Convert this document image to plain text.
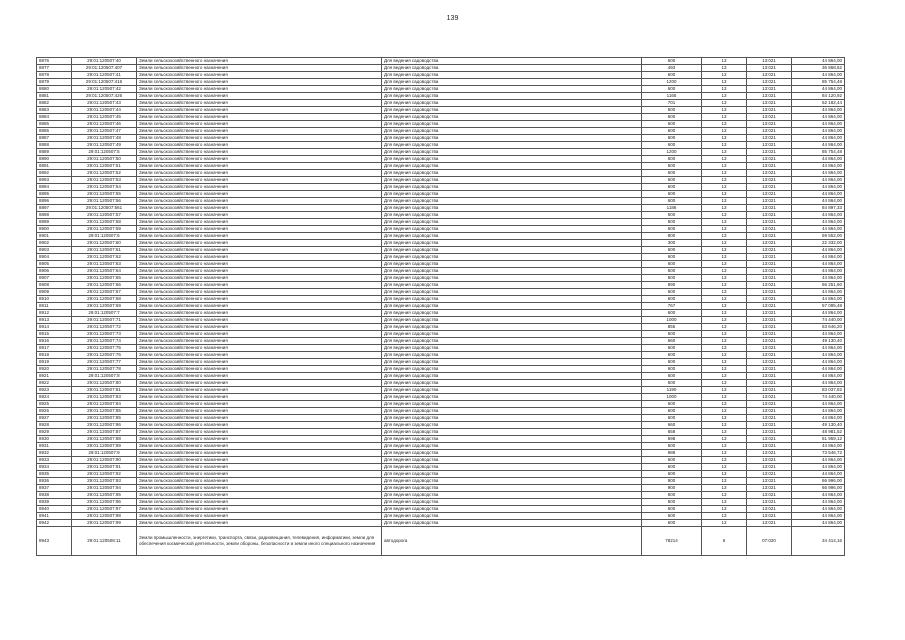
139
8876	29:01:120507:40	Земли сельскохозяйственного назначения	Для ведения садоводства	600	13	13:021	44 864,00
8877	29:01:120507:407	Земли сельскохозяйственного назначения	Для ведения садоводства	493	13	13:021	36 868,62
8878	29:01:120507:41	Земли сельскохозяйственного назначения	Для ведения садоводства	600	13	13:021	44 864,00
8879	29:01:120507:416	Земли сельскохозяйственного назначения	Для ведения садоводства	1200	13	13:021	85 754,48
8880	29:01:120507:42	Земли сельскохозяйственного назначения	Для ведения садоводства	600	13	13:021	44 864,00
8881	29:01:120507:426	Земли сельскохозяйственного назначения	Для ведения садоводства	1165	13	13:021	84 120,92
8882	29:01:120507:43	Земли сельскохозяйственного назначения	Для ведения садоводства	701	13	13:021	52 182,44
8883	29:01:120507:44	Земли сельскохозяйственного назначения	Для ведения садоводства	600	13	13:021	44 864,00
8884	29:01:120507:45	Земли сельскохозяйственного назначения	Для ведения садоводства	600	13	13:021	44 864,00
8885	29:01:120507:46	Земли сельскохозяйственного назначения	Для ведения садоводства	600	13	13:021	44 864,00
8886	29:01:120507:47	Земли сельскохозяйственного назначения	Для ведения садоводства	600	13	13:021	44 864,00
8887	29:01:120507:48	Земли сельскохозяйственного назначения	Для ведения садоводства	600	13	13:021	44 864,00
8888	29:01:120507:49	Земли сельскохозяйственного назначения	Для ведения садоводства	600	13	13:021	44 864,00
8889	29:01:120507:5	Земли сельскохозяйственного назначения	Для ведения садоводства	1200	13	13:021	85 754,48
8890	29:01:120507:50	Земли сельскохозяйственного назначения	Для ведения садоводства	600	13	13:021	44 864,00
8891	29:01:120507:51	Земли сельскохозяйственного назначения	Для ведения садоводства	600	13	13:021	44 864,00
8892	29:01:120507:52	Земли сельскохозяйственного назначения	Для ведения садоводства	600	13	13:021	44 864,00
8893	29:01:120507:53	Земли сельскохозяйственного назначения	Для ведения садоводства	600	13	13:021	44 864,00
8894	29:01:120507:54	Земли сельскохозяйственного назначения	Для ведения садоводства	600	13	13:021	44 864,00
8895	29:01:120507:55	Земли сельскохозяйственного назначения	Для ведения садоводства	600	13	13:021	44 864,00
8896	29:01:120507:56	Земли сельскохозяйственного назначения	Для ведения садоводства	600	13	13:021	44 864,00
8897	29:01:120507:561	Земли сельскохозяйственного назначения	Для ведения садоводства	1186	13	13:021	84 897,33
8898	29:01:120507:57	Земли сельскохозяйственного назначения	Для ведения садоводства	600	13	13:021	44 864,00
8899	29:01:120507:58	Земли сельскохозяйственного назначения	Для ведения садоводства	600	13	13:021	44 864,00
8900	29:01:120507:59	Земли сельскохозяйственного назначения	Для ведения садоводства	600	13	13:021	44 864,00
8901	29:01:120507:6	Земли сельскохозяйственного назначения	Для ведения садоводства	800	13	13:021	59 552,00
8902	29:01:120507:60	Земли сельскохозяйственного назначения	Для ведения садоводства	300	13	13:021	22 332,00
8903	29:01:120507:61	Земли сельскохозяйственного назначения	Для ведения садоводства	600	13	13:021	44 864,00
8904	29:01:120507:62	Земли сельскохозяйственного назначения	Для ведения садоводства	600	13	13:021	44 864,00
8905	29:01:120507:63	Земли сельскохозяйственного назначения	Для ведения садоводства	600	13	13:021	44 864,00
8906	29:01:120507:64	Земли сельскохозяйственного назначения	Для ведения садоводства	600	13	13:021	44 864,00
8907	29:01:120507:65	Земли сельскохозяйственного назначения	Для ведения садоводства	600	13	13:021	44 864,00
8908	29:01:120507:66	Земли сельскохозяйственного назначения	Для ведения садоводства	890	13	13:021	66 251,60
8909	29:01:120507:67	Земли сельскохозяйственного назначения	Для ведения садоводства	600	13	13:021	44 864,00
8910	29:01:120507:68	Земли сельскохозяйственного назначения	Для ведения садоводства	600	13	13:021	44 864,00
8911	29:01:120507:69	Земли сельскохозяйственного назначения	Для ведения садоводства	767	13	13:021	57 095,48
8912	29:01:120507:7	Земли сельскохозяйственного назначения	Для ведения садоводства	600	13	13:021	44 864,00
8913	29:01:120507:71	Земли сельскохозяйственного назначения	Для ведения садоводства	1000	13	13:021	74 440,00
8914	29:01:120507:72	Земли сельскохозяйственного назначения	Для ведения садоводства	855	13	13:021	63 646,20
8915	29:01:120507:73	Земли сельскохозяйственного назначения	Для ведения садоводства	600	13	13:021	44 864,00
8916	29:01:120507:74	Земли сельскохозяйственного назначения	Для ведения садоводства	660	13	13:021	49 130,40
8917	29:01:120507:75	Земли сельскохозяйственного назначения	Для ведения садоводства	600	13	13:021	44 864,00
8918	29:01:120507:76	Земли сельскохозяйственного назначения	Для ведения садоводства	600	13	13:021	44 864,00
8919	29:01:120507:77	Земли сельскохозяйственного назначения	Для ведения садоводства	600	13	13:021	44 864,00
8920	29:01:120507:78	Земли сельскохозяйственного назначения	Для ведения садоводства	600	13	13:021	44 864,00
8921	29:01:120507:8	Земли сельскохозяйственного назначения	Для ведения садоводства	600	13	13:021	44 864,00
8922	29:01:120507:80	Земли сельскохозяйственного назначения	Для ведения садоводства	600	13	13:021	44 864,00
8923	29:01:120507:81	Земли сельскохозяйственного назначения	Для ведения садоводства	1190	13	13:021	83 037,82
8924	29:01:120507:83	Земли сельскохозяйственного назначения	Для ведения садоводства	1000	13	13:021	74 440,00
8925	29:01:120507:84	Земли сельскохозяйственного назначения	Для ведения садоводства	600	13	13:021	44 864,00
8926	29:01:120507:85	Земли сельскохозяйственного назначения	Для ведения садоводства	600	13	13:021	44 864,00
8927	29:01:120507:85	Земли сельскохозяйственного назначения	Для ведения садоводства	600	13	13:021	44 864,00
8928	29:01:120507:86	Земли сельскохозяйственного назначения	Для ведения садоводства	660	13	13:021	49 130,40
8929	29:01:120507:87	Земли сельскохозяйственного назначения	Для ведения садоводства	658	13	13:021	48 981,52
8930	29:01:120507:88	Земли сельскохозяйственного назначения	Для ведения садоводства	698	13	13:021	51 959,12
8931	29:01:120507:89	Земли сельскохозяйственного назначения	Для ведения садоводства	600	13	13:021	44 864,00
8932	29:01:120507:9	Земли сельскохозяйственного назначения	Для ведения садоводства	988	13	13:021	73 546,72
8933	29:01:120507:90	Земли сельскохозяйственного назначения	Для ведения садоводства	600	13	13:021	44 864,00
8934	29:01:120507:91	Земли сельскохозяйственного назначения	Для ведения садоводства	600	13	13:021	44 864,00
8935	29:01:120507:92	Земли сельскохозяйственного назначения	Для ведения садоводства	600	13	13:021	44 864,00
8936	29:01:120507:93	Земли сельскохозяйственного назначения	Для ведения садоводства	900	13	13:021	66 996,00
8937	29:01:120507:94	Земли сельскохозяйственного назначения	Для ведения садоводства	900	13	13:021	66 996,00
8938	29:01:120507:95	Земли сельскохозяйственного назначения	Для ведения садоводства	600	13	13:021	44 864,00
8939	29:01:120507:96	Земли сельскохозяйственного назначения	Для ведения садоводства	600	13	13:021	44 864,00
8940	29:01:120507:97	Земли сельскохозяйственного назначения	Для ведения садоводства	600	13	13:021	44 864,00
8941	29:01:120507:98	Земли сельскохозяйственного назначения	Для ведения садоводства	600	13	13:021	44 864,00
8942	29:01:120507:99	Земли сельскохозяйственного назначения	Для ведения садоводства	600	13	13:021	44 864,00
8943	29:01:120508:11	Земли промышленности, энергетики, транспорта, связи, радиовещания, телевидения, информатики, земли для обеспечения космической деятельности, земли обороны, безопасности и земли иного специального назначения	автодорога	78214	6	07:020	34 414,16
